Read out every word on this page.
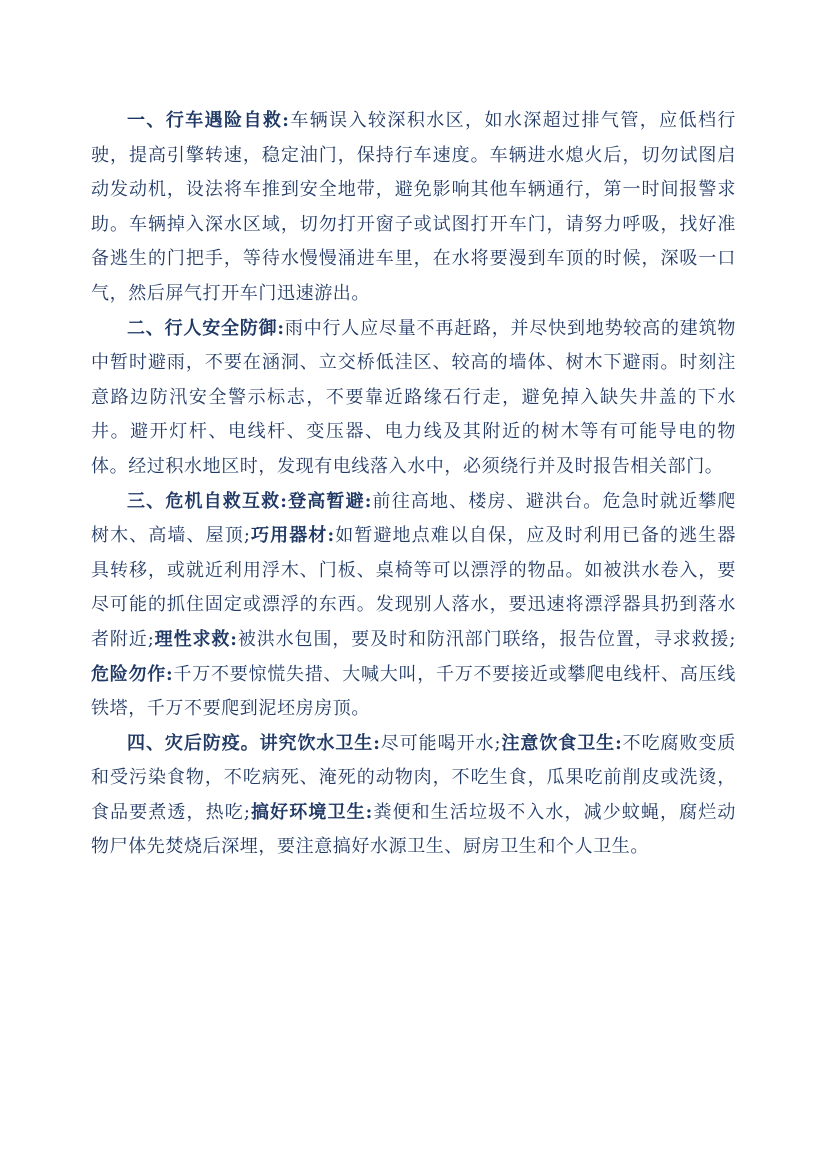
一、行车遇险自救:车辆误入较深积水区，如水深超过排气管，应低档行驶，提高引擎转速，稳定油门，保持行车速度。车辆进水熄火后，切勿试图启动发动机，设法将车推到安全地带，避免影响其他车辆通行，第一时间报警求助。车辆掉入深水区域，切勿打开窗子或试图打开车门，请努力呼吸，找好准备逃生的门把手，等待水慢慢涌进车里，在水将要漫到车顶的时候，深吸一口气，然后屏气打开车门迅速游出。

二、行人安全防御:雨中行人应尽量不再赶路，并尽快到地势较高的建筑物中暂时避雨，不要在涵洞、立交桥低洼区、较高的墙体、树木下避雨。时刻注意路边防汛安全警示标志，不要靠近路缘石行走，避免掉入缺失井盖的下水井。避开灯杆、电线杆、变压器、电力线及其附近的树木等有可能导电的物体。经过积水地区时，发现有电线落入水中，必须绕行并及时报告相关部门。

三、危机自救互救:登高暂避:前往高地、楼房、避洪台。危急时就近攀爬树木、高墙、屋顶;巧用器材:如暂避地点难以自保，应及时利用已备的逃生器具转移，或就近利用浮木、门板、桌椅等可以漂浮的物品。如被洪水卷入，要尽可能的抓住固定或漂浮的东西。发现别人落水，要迅速将漂浮器具扔到落水者附近;理性求救:被洪水包围，要及时和防汛部门联络，报告位置，寻求救援;危险勿作:千万不要惊慌失措、大喊大叫，千万不要接近或攀爬电线杆、高压线铁塔，千万不要爬到泥坯房房顶。

四、灾后防疫。讲究饮水卫生:尽可能喝开水;注意饮食卫生:不吃腐败变质和受污染食物，不吃病死、淹死的动物肉，不吃生食，瓜果吃前削皮或洗烫，食品要煮透，热吃;搞好环境卫生:粪便和生活垃圾不入水，减少蚊蝇，腐烂动物尸体先焚烧后深埋，要注意搞好水源卫生、厨房卫生和个人卫生。
